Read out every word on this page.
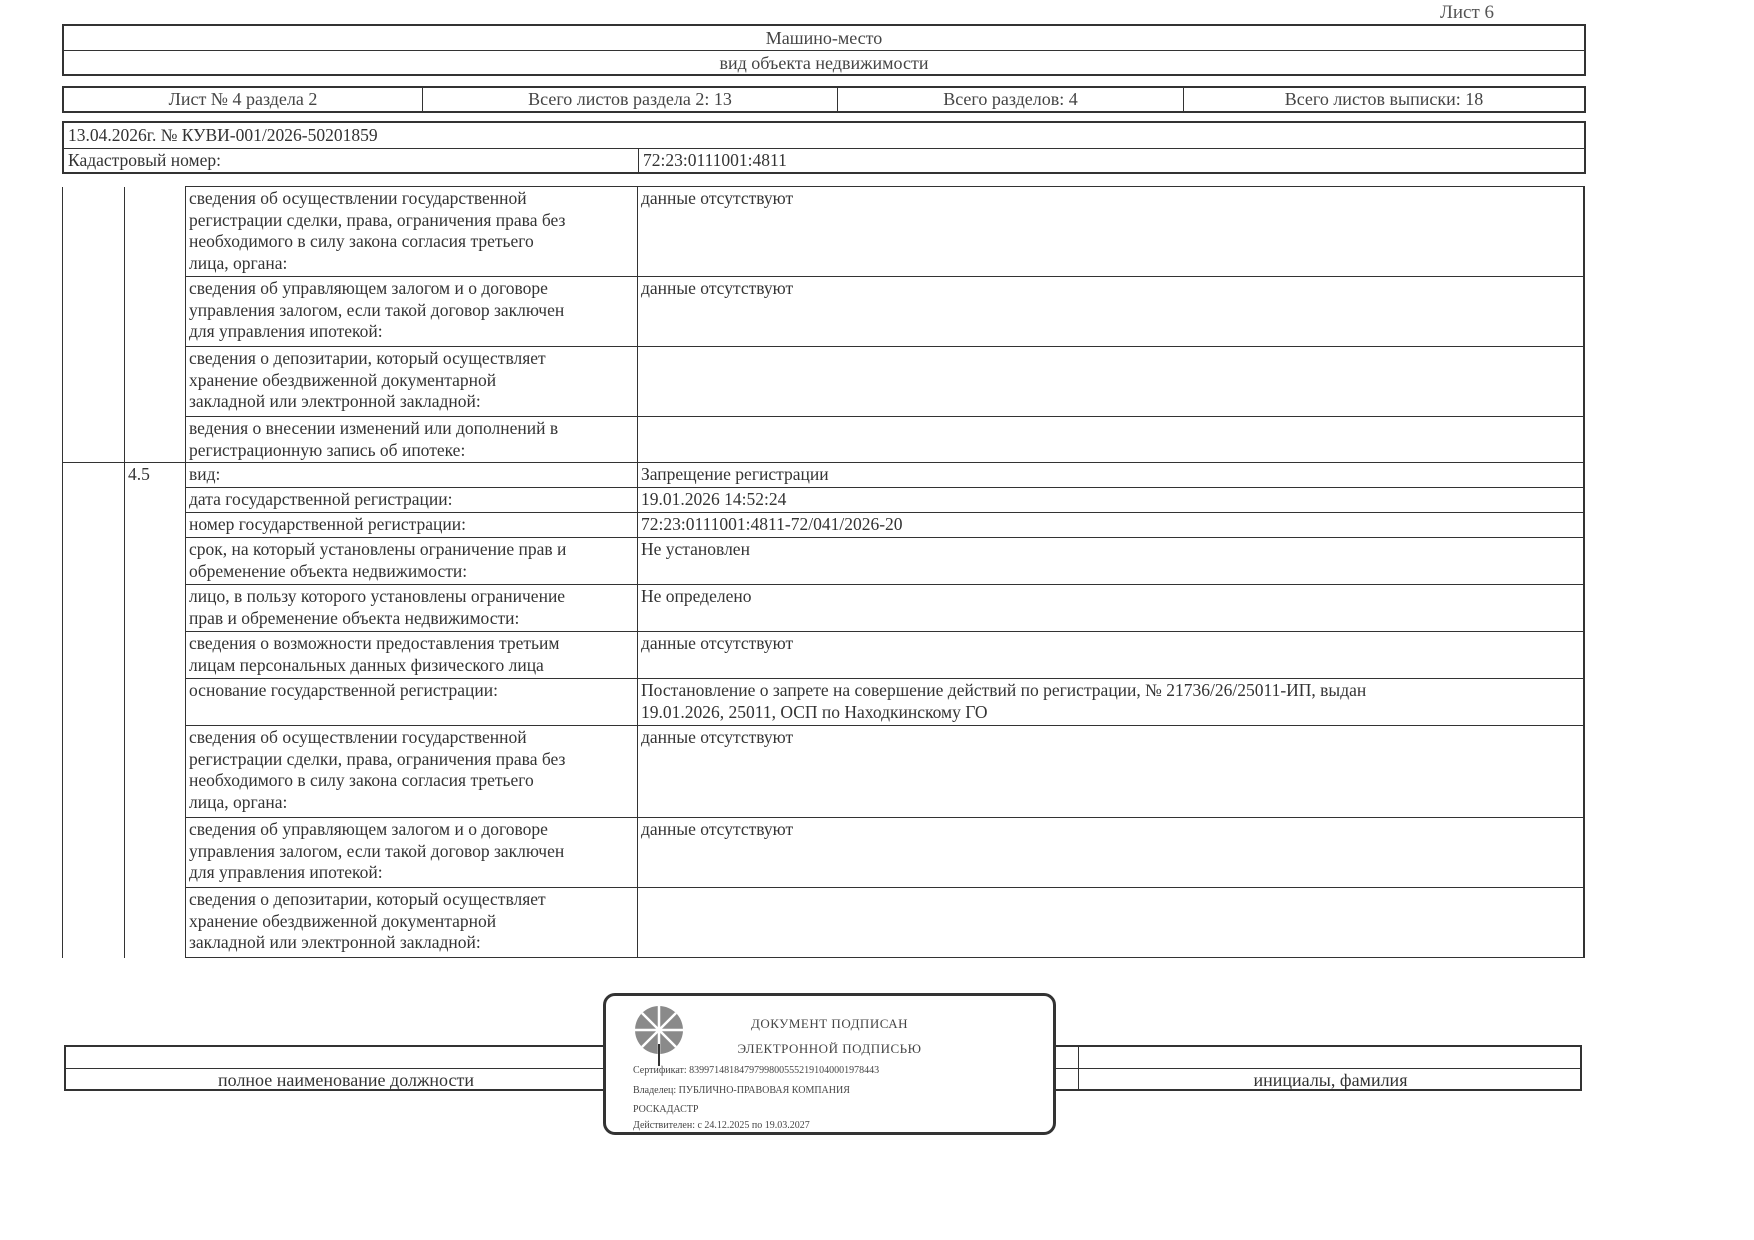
Лист 6
Машино-место
вид объекта недвижимости
Лист № 4 раздела 2	Всего листов раздела 2: 13	Всего разделов: 4	Всего листов выписки: 18
13.04.2026г. № КУВИ-001/2026-50201859
Кадастровый номер:	72:23:0111001:4811
		сведения об осуществлении государственной
регистрации сделки, права, ограничения права без
необходимого в силу закона согласия третьего
лица, органа:	данные отсутствуют
		сведения об управляющем залогом и о договоре
управления залогом, если такой договор заключен
для управления ипотекой:	данные отсутствуют
		сведения о депозитарии, который осуществляет
хранение обездвиженной документарной
закладной или электронной закладной:	
		ведения о внесении изменений или дополнений в
регистрационную запись об ипотеке:	
	4.5	вид:	Запрещение регистрации
		дата государственной регистрации:	19.01.2026 14:52:24
		номер государственной регистрации:	72:23:0111001:4811-72/041/2026-20
		срок, на который установлены ограничение прав и
обременение объекта недвижимости:	Не установлен
		лицо, в пользу которого установлены ограничение
прав и обременение объекта недвижимости:	Не определено
		сведения о возможности предоставления третьим
лицам персональных данных физического лица	данные отсутствуют
		основание государственной регистрации:	Постановление о запрете на совершение действий по регистрации, № 21736/26/25011-ИП, выдан
19.01.2026, 25011, ОСП по Находкинскому ГО
		сведения об осуществлении государственной
регистрации сделки, права, ограничения права без
необходимого в силу закона согласия третьего
лица, органа:	данные отсутствуют
		сведения об управляющем залогом и о договоре
управления залогом, если такой договор заключен
для управления ипотекой:	данные отсутствуют
		сведения о депозитарии, который осуществляет
хранение обездвиженной документарной
закладной или электронной закладной:	
полное наименование должности	инициалы, фамилия
ДОКУМЕНТ ПОДПИСАН
ЭЛЕКТРОННОЙ ПОДПИСЬЮ
Сертификат: 83997148184797998005552191040001978443
Владелец: ПУБЛИЧНО-ПРАВОВАЯ КОМПАНИЯ
РОСКАДАСТР
Действителен: с 24.12.2025 по 19.03.2027
